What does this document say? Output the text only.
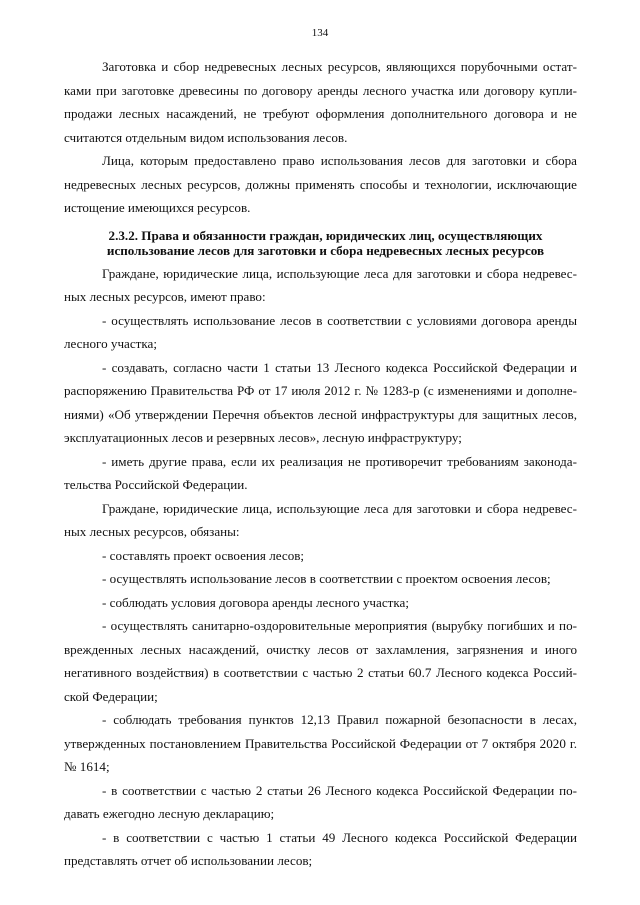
134

Заготовка и сбор недревесных лесных ресурсов, являющихся порубочными остатками при заготовке древесины по договору аренды лесного участка или договору купли-продажи лесных насаждений, не требуют оформления дополнительного договора и не считаются отдельным видом использования лесов.

Лица, которым предоставлено право использования лесов для заготовки и сбора недревесных лесных ресурсов, должны применять способы и технологии, исключающие истощение имеющихся ресурсов.

2.3.2. Права и обязанности граждан, юридических лиц, осуществляющих использование лесов для заготовки и сбора недревесных лесных ресурсов

Граждане, юридические лица, использующие леса для заготовки и сбора недревесных лесных ресурсов, имеют право:

- осуществлять использование лесов в соответствии с условиями договора аренды лесного участка;

- создавать, согласно части 1 статьи 13 Лесного кодекса Российской Федерации и распоряжению Правительства РФ от 17 июля 2012 г. № 1283-р (с изменениями и дополнениями) «Об утверждении Перечня объектов лесной инфраструктуры для защитных лесов, эксплуатационных лесов и резервных лесов», лесную инфраструктуру;

- иметь другие права, если их реализация не противоречит требованиям законодательства Российской Федерации.

Граждане, юридические лица, использующие леса для заготовки и сбора недревесных лесных ресурсов, обязаны:

- составлять проект освоения лесов;

- осуществлять использование лесов в соответствии с проектом освоения лесов;

- соблюдать условия договора аренды лесного участка;

- осуществлять санитарно-оздоровительные мероприятия (вырубку погибших и поврежденных лесных насаждений, очистку лесов от захламления, загрязнения и иного негативного воздействия) в соответствии с частью 2 статьи 60.7 Лесного кодекса Российской Федерации;

- соблюдать требования пунктов 12,13 Правил пожарной безопасности в лесах, утвержденных постановлением Правительства Российской Федерации от 7 октября 2020 г. № 1614;

- в соответствии с частью 2 статьи 26 Лесного кодекса Российской Федерации подавать ежегодно лесную декларацию;

- в соответствии с частью 1 статьи 49 Лесного кодекса Российской Федерации представлять отчет об использовании лесов;
